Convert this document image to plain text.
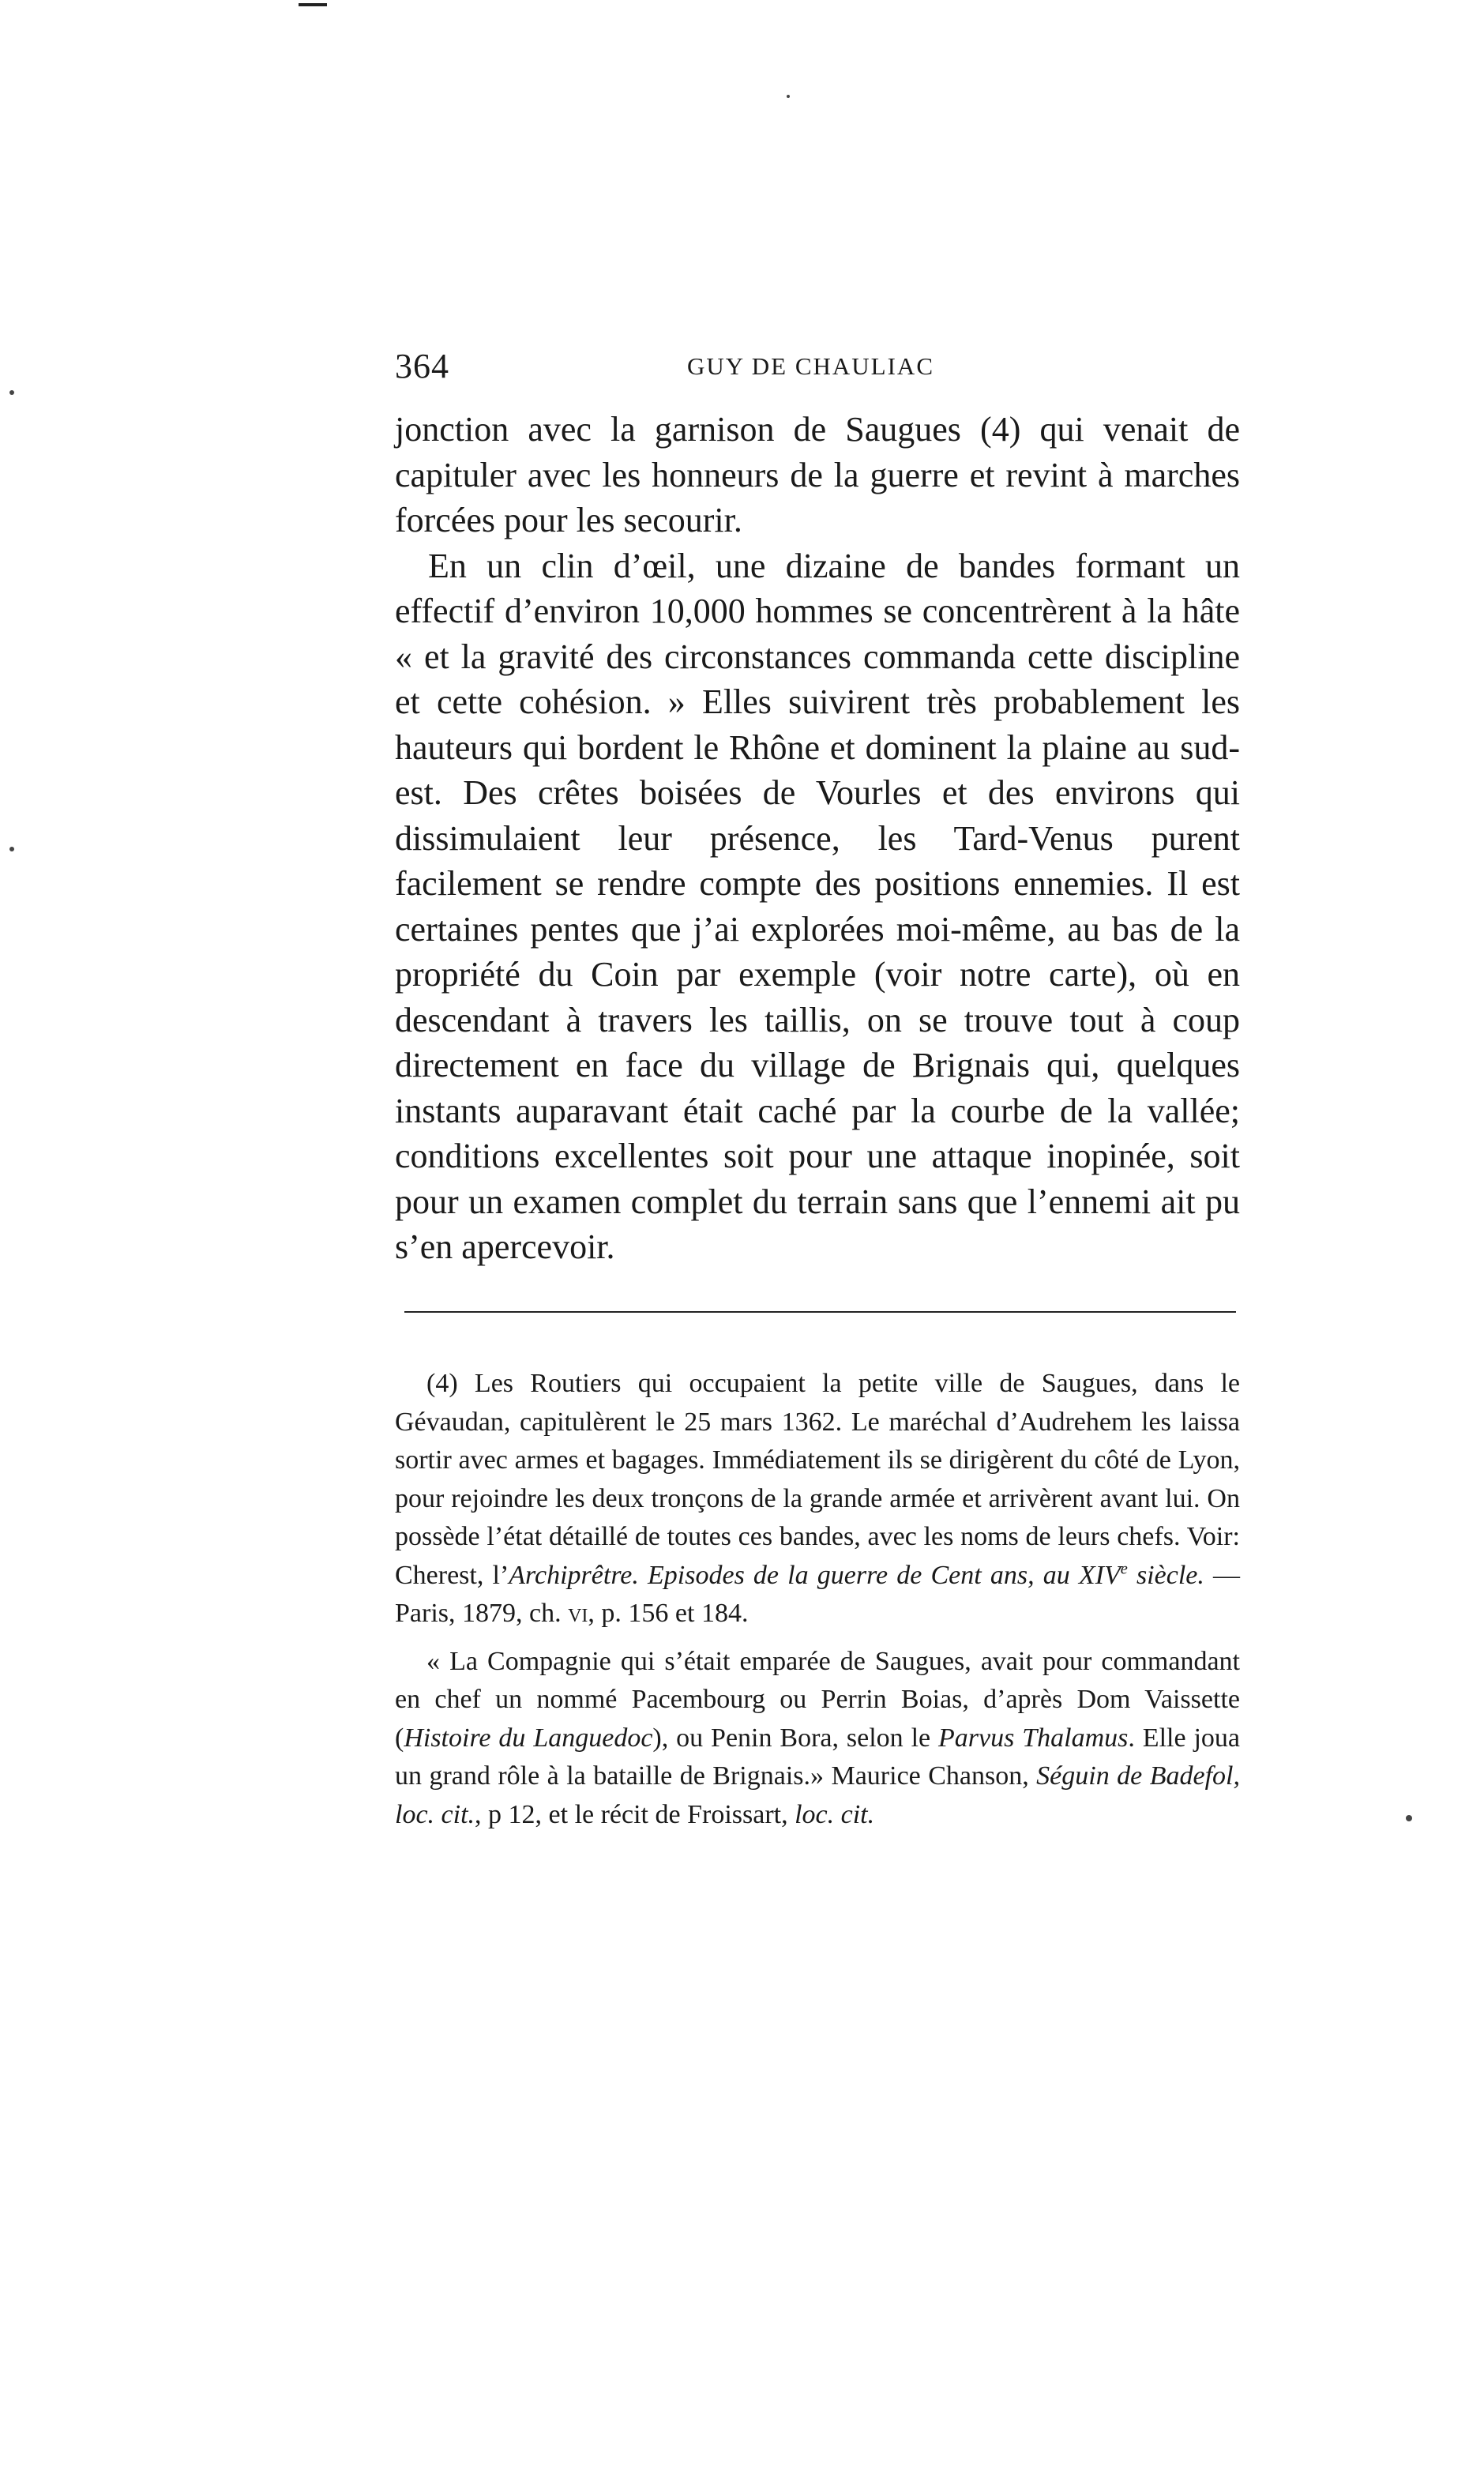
364	GUY DE CHAULIAC

jonction avec la garnison de Saugues (4) qui venait de capituler avec les honneurs de la guerre et revint à marches forcées pour les secourir.

En un clin d’œil, une dizaine de bandes formant un effectif d’environ 10,000 hommes se concentrèrent à la hâte « et la gravité des circonstances commanda cette discipline et cette cohésion. » Elles suivirent très probablement les hauteurs qui bordent le Rhône et dominent la plaine au sud-est. Des crêtes boisées de Vourles et des environs qui dissimulaient leur présence, les Tard-Venus purent facilement se rendre compte des positions ennemies. Il est certaines pentes que j’ai explorées moi-même, au bas de la propriété du Coin par exemple (voir notre carte), où en descendant à travers les taillis, on se trouve tout à coup directement en face du village de Brignais qui, quelques instants auparavant était caché par la courbe de la vallée; conditions excellentes soit pour une attaque inopinée, soit pour un examen complet du terrain sans que l’ennemi ait pu s’en apercevoir.

(4) Les Routiers qui occupaient la petite ville de Saugues, dans le Gévaudan, capitulèrent le 25 mars 1362. Le maréchal d’Audrehem les laissa sortir avec armes et bagages. Immédiatement ils se dirigèrent du côté de Lyon, pour rejoindre les deux tronçons de la grande armée et arrivèrent avant lui. On possède l’état détaillé de toutes ces bandes, avec les noms de leurs chefs. Voir: Cherest, l’Archiprêtre. Episodes de la guerre de Cent ans, au XIVe siècle. — Paris, 1879, ch. vi, p. 156 et 184.

« La Compagnie qui s’était emparée de Saugues, avait pour commandant en chef un nommé Pacembourg ou Perrin Boias, d’après Dom Vaissette (Histoire du Languedoc), ou Penin Bora, selon le Parvus Thalamus. Elle joua un grand rôle à la bataille de Brignais.» Maurice Chanson, Séguin de Badefol, loc. cit., p 12, et le récit de Froissart, loc. cit.
